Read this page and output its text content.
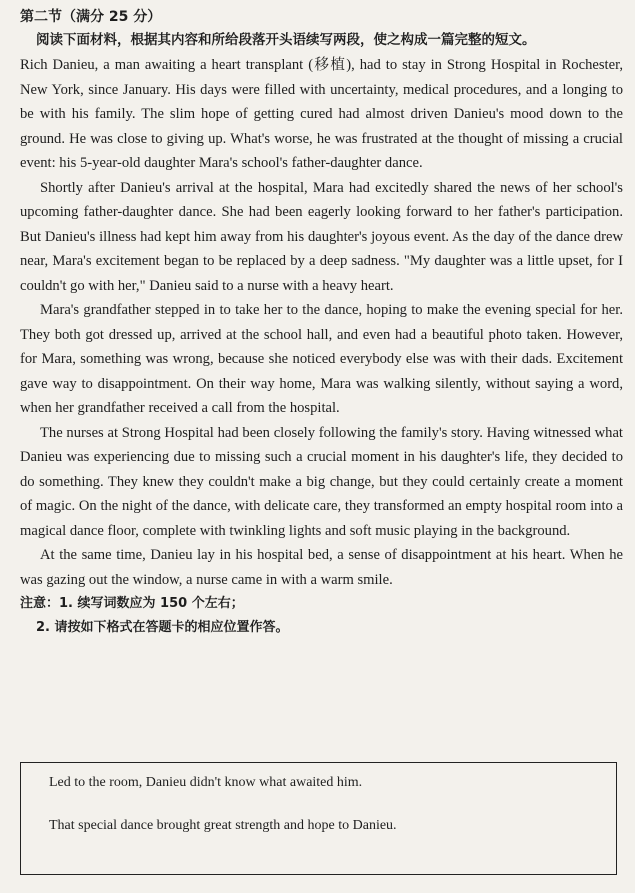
第二节（满分 25 分）
阅读下面材料，根据其内容和所给段落开头语续写两段，使之构成一篇完整的短文。

Rich Danieu, a man awaiting a heart transplant (移植), had to stay in Strong Hospital in Rochester, New York, since January. His days were filled with uncertainty, medical procedures, and a longing to be with his family. The slim hope of getting cured had almost driven Danieu's mood down to the ground. He was close to giving up. What's worse, he was frustrated at the thought of missing a crucial event: his 5-year-old daughter Mara's school's father-daughter dance.

Shortly after Danieu's arrival at the hospital, Mara had excitedly shared the news of her school's upcoming father-daughter dance. She had been eagerly looking forward to her father's participation. But Danieu's illness had kept him away from his daughter's joyous event. As the day of the dance drew near, Mara's excitement began to be replaced by a deep sadness. "My daughter was a little upset, for I couldn't go with her," Danieu said to a nurse with a heavy heart.

Mara's grandfather stepped in to take her to the dance, hoping to make the evening special for her. They both got dressed up, arrived at the school hall, and even had a beautiful photo taken. However, for Mara, something was wrong, because she noticed everybody else was with their dads. Excitement gave way to disappointment. On their way home, Mara was walking silently, without saying a word, when her grandfather received a call from the hospital.

The nurses at Strong Hospital had been closely following the family's story. Having witnessed what Danieu was experiencing due to missing such a crucial moment in his daughter's life, they decided to do something. They knew they couldn't make a big change, but they could certainly create a moment of magic. On the night of the dance, with delicate care, they transformed an empty hospital room into a magical dance floor, complete with twinkling lights and soft music playing in the background.

At the same time, Danieu lay in his hospital bed, a sense of disappointment at his heart. When he was gazing out the window, a nurse came in with a warm smile.

注意：1. 续写词数应为 150 个左右；
2. 请按如下格式在答题卡的相应位置作答。
Led to the room, Danieu didn't know what awaited him.
That special dance brought great strength and hope to Danieu.
